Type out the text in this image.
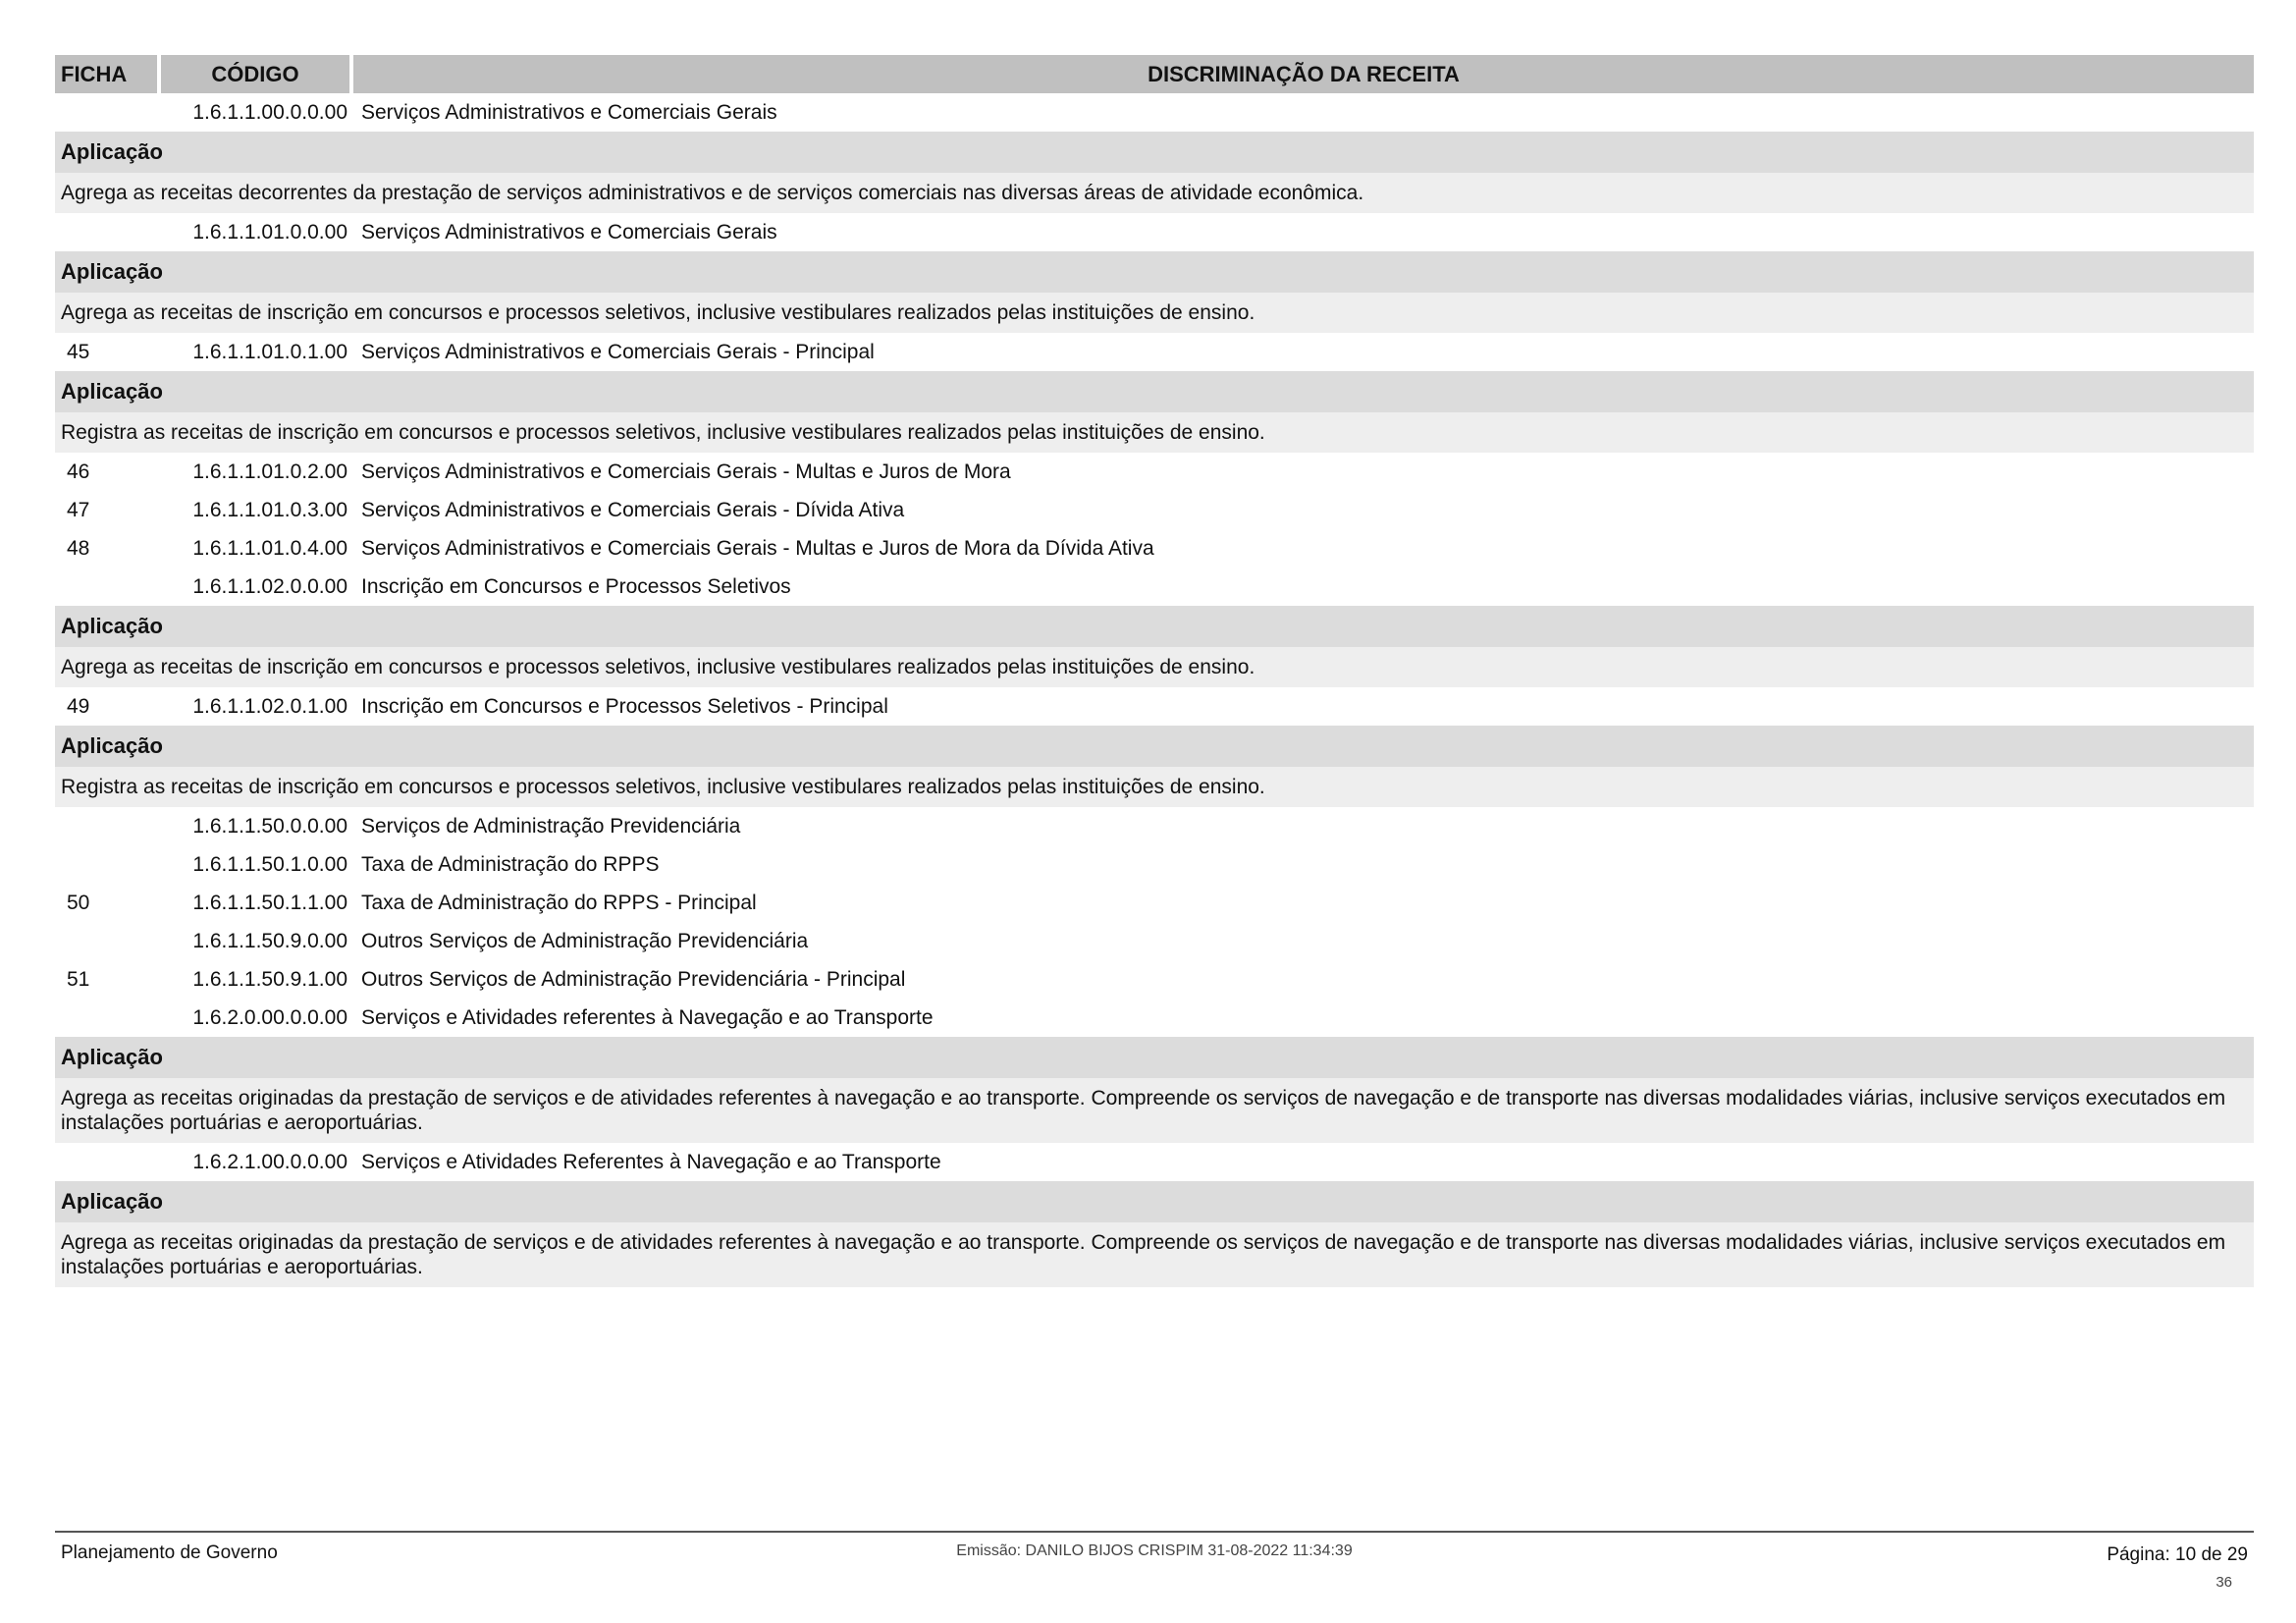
FICHA	CÓDIGO	DISCRIMINAÇÃO DA RECEITA
1.6.1.1.00.0.0.00 Serviços Administrativos e Comerciais Gerais
Aplicação
Agrega as receitas decorrentes da prestação de serviços administrativos e de serviços comerciais nas diversas áreas de atividade econômica.
1.6.1.1.01.0.0.00 Serviços Administrativos e Comerciais Gerais
Aplicação
Agrega as receitas de inscrição em concursos e processos seletivos, inclusive vestibulares realizados pelas instituições de ensino.
45	1.6.1.1.01.0.1.00 Serviços Administrativos e Comerciais Gerais - Principal
Aplicação
Registra as receitas de inscrição em concursos e processos seletivos, inclusive vestibulares realizados pelas instituições de ensino.
46	1.6.1.1.01.0.2.00 Serviços Administrativos e Comerciais Gerais - Multas e Juros de Mora
47	1.6.1.1.01.0.3.00 Serviços Administrativos e Comerciais Gerais - Dívida Ativa
48	1.6.1.1.01.0.4.00 Serviços Administrativos e Comerciais Gerais - Multas e Juros de Mora da Dívida Ativa
1.6.1.1.02.0.0.00 Inscrição em Concursos e Processos Seletivos
Aplicação
Agrega as receitas de inscrição em concursos e processos seletivos, inclusive vestibulares realizados pelas instituições de ensino.
49	1.6.1.1.02.0.1.00 Inscrição em Concursos e Processos Seletivos - Principal
Aplicação
Registra as receitas de inscrição em concursos e processos seletivos, inclusive vestibulares realizados pelas instituições de ensino.
1.6.1.1.50.0.0.00 Serviços de Administração Previdenciária
1.6.1.1.50.1.0.00 Taxa de Administração do RPPS
50	1.6.1.1.50.1.1.00 Taxa de Administração do RPPS - Principal
1.6.1.1.50.9.0.00 Outros Serviços de Administração Previdenciária
51	1.6.1.1.50.9.1.00 Outros Serviços de Administração Previdenciária - Principal
1.6.2.0.00.0.0.00 Serviços e Atividades referentes à Navegação e ao Transporte
Aplicação
Agrega as receitas originadas da prestação de serviços e de atividades referentes à navegação e ao transporte. Compreende os serviços de navegação e de transporte nas diversas modalidades viárias, inclusive serviços executados em instalações portuárias e aeroportuárias.
1.6.2.1.00.0.0.00 Serviços e Atividades Referentes à Navegação e ao Transporte
Aplicação
Agrega as receitas originadas da prestação de serviços e de atividades referentes à navegação e ao transporte. Compreende os serviços de navegação e de transporte nas diversas modalidades viárias, inclusive serviços executados em instalações portuárias e aeroportuárias.
Planejamento de Governo	Emissão: DANILO BIJOS CRISPIM 31-08-2022 11:34:39	Página: 10 de 29
36
